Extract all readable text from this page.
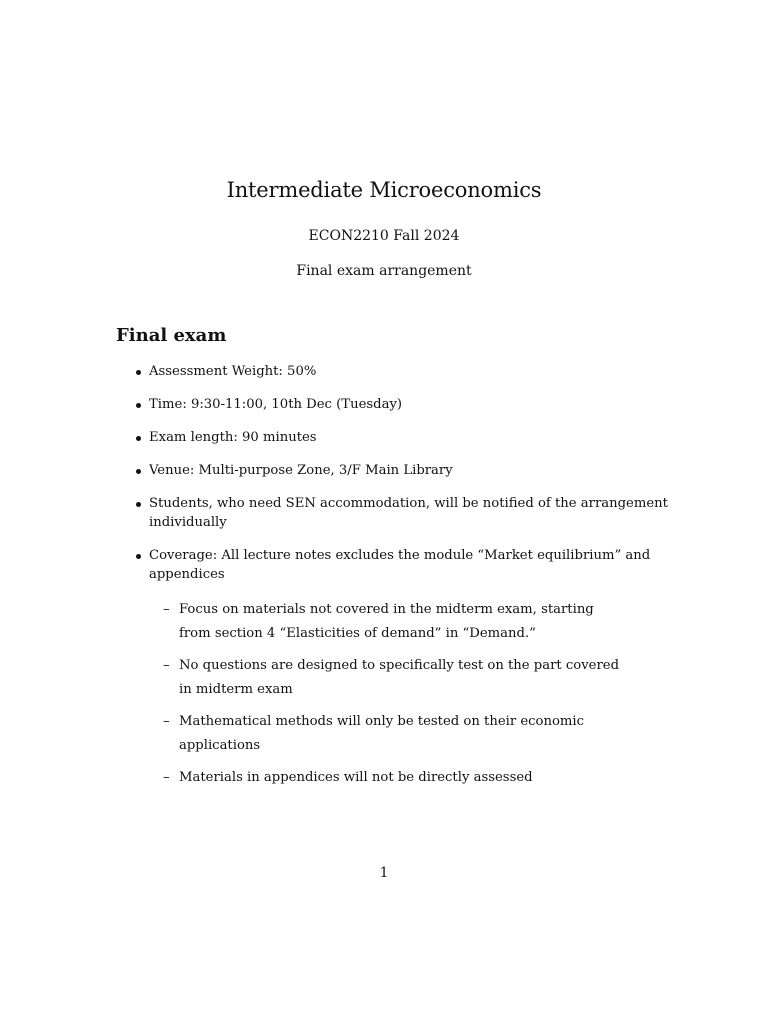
Intermediate Microeconomics

ECON2210 Fall 2024

Final exam arrangement

Final exam
Assessment Weight: 50%
Time: 9:30-11:00, 10th Dec (Tuesday)
Exam length: 90 minutes
Venue: Multi-purpose Zone, 3/F Main Library
Students, who need SEN accommodation, will be notified of the arrangement individually
Coverage: All lecture notes excludes the module “Market equilibrium” and appendices
– Focus on materials not covered in the midterm exam, starting from section 4 “Elasticities of demand” in “Demand.”
– No questions are designed to specifically test on the part covered in midterm exam
– Mathematical methods will only be tested on their economic applications
– Materials in appendices will not be directly assessed
1
